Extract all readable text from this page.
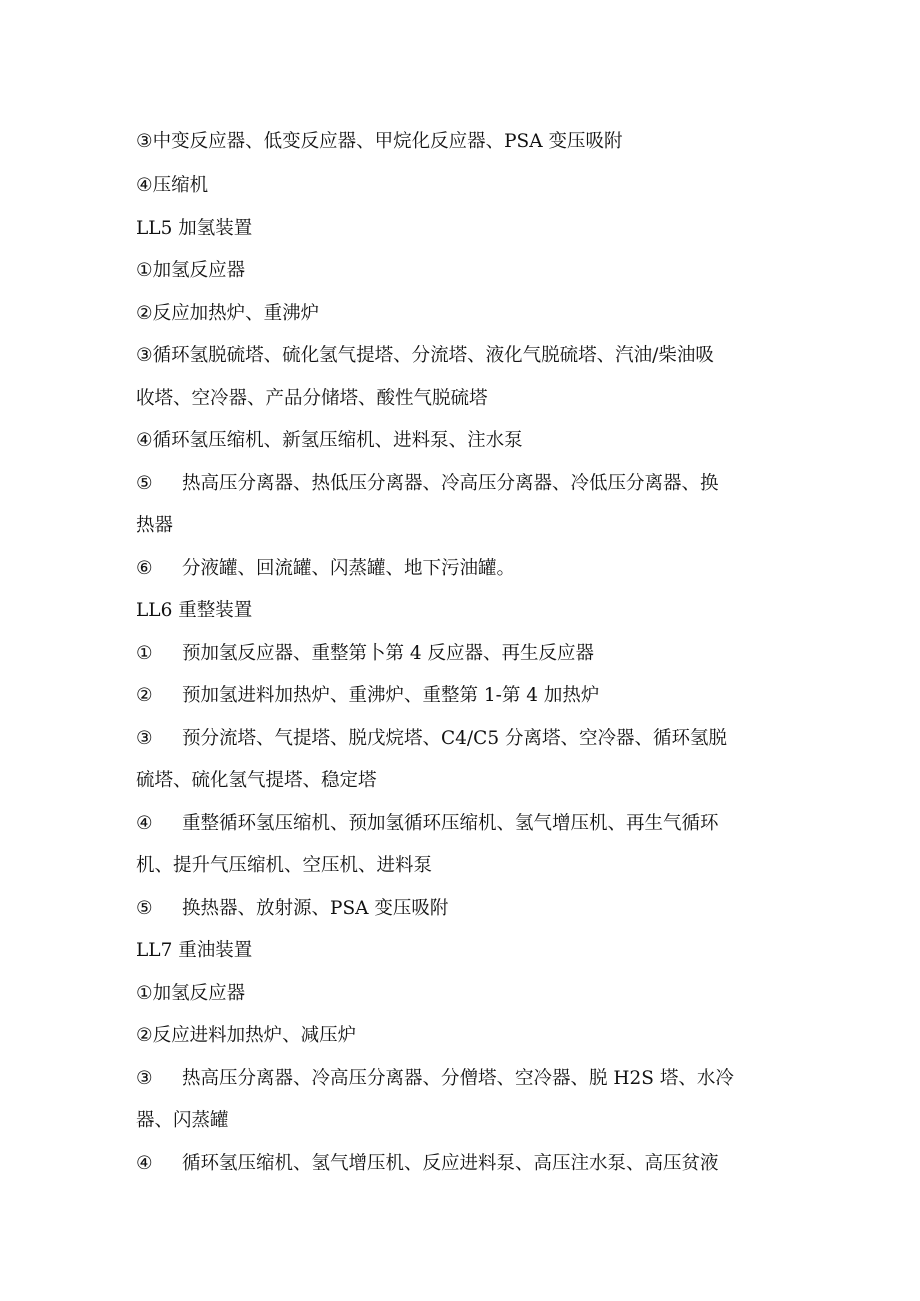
③中变反应器、低变反应器、甲烷化反应器、PSA 变压吸附
④压缩机
LL5 加氢装置
①加氢反应器
②反应加热炉、重沸炉
③循环氢脱硫塔、硫化氢气提塔、分流塔、液化气脱硫塔、汽油/柴油吸
收塔、空冷器、产品分储塔、酸性气脱硫塔
④循环氢压缩机、新氢压缩机、进料泵、注水泵
⑤ 热高压分离器、热低压分离器、冷高压分离器、冷低压分离器、换
热器
⑥ 分液罐、回流罐、闪蒸罐、地下污油罐。
LL6 重整装置
① 预加氢反应器、重整第卜第 4 反应器、再生反应器
② 预加氢进料加热炉、重沸炉、重整第 1-第 4 加热炉
③ 预分流塔、气提塔、脱戊烷塔、C4/C5 分离塔、空冷器、循环氢脱
硫塔、硫化氢气提塔、稳定塔
④ 重整循环氢压缩机、预加氢循环压缩机、氢气增压机、再生气循环
机、提升气压缩机、空压机、进料泵
⑤ 换热器、放射源、PSA 变压吸附
LL7 重油装置
①加氢反应器
②反应进料加热炉、减压炉
③ 热高压分离器、冷高压分离器、分僧塔、空冷器、脱 H2S 塔、水冷
器、闪蒸罐
④ 循环氢压缩机、氢气增压机、反应进料泵、高压注水泵、高压贫液
